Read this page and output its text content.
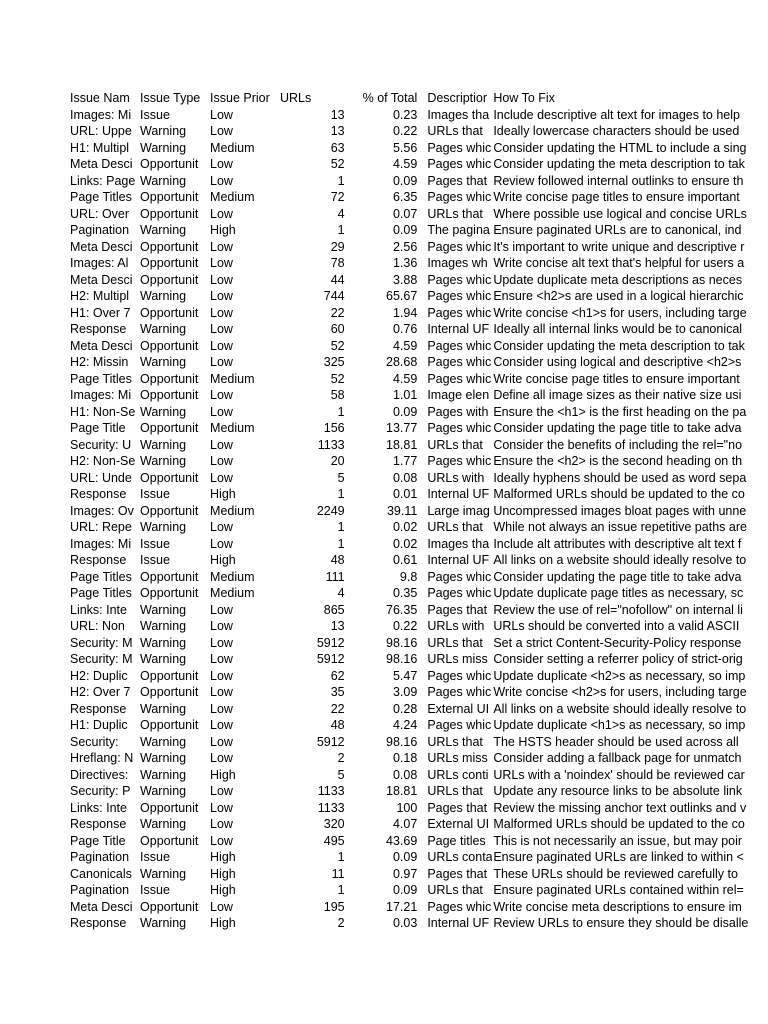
Issue Nam	Issue Type	Issue Prior	URLs	% of Total	Descriptior	How To Fix
Images: Mi	Issue	Low	13	0.23	Images tha	Include descriptive alt text for images to help
URL: Uppe	Warning	Low	13	0.22	URLs that	Ideally lowercase characters should be used
H1: Multipl	Warning	Medium	63	5.56	Pages whic	Consider updating the HTML to include a sing
Meta Desci	Opportunit	Low	52	4.59	Pages whic	Consider updating the meta description to tak
Links: Page	Warning	Low	1	0.09	Pages that	Review followed internal outlinks to ensure th
Page Titles	Opportunit	Medium	72	6.35	Pages whic	Write concise page titles to ensure important
URL: Over	Opportunit	Low	4	0.07	URLs that	Where possible use logical and concise URLs
Pagination	Warning	High	1	0.09	The pagina	Ensure paginated URLs are to canonical, ind
Meta Desci	Opportunit	Low	29	2.56	Pages whic	It's important to write unique and descriptive r
Images: Al	Opportunit	Low	78	1.36	Images wh	Write concise alt text that's helpful for users a
Meta Desci	Opportunit	Low	44	3.88	Pages whic	Update duplicate meta descriptions as neces
H2: Multipl	Warning	Low	744	65.67	Pages whic	Ensure <h2>s are used in a logical hierarchic
H1: Over 7	Opportunit	Low	22	1.94	Pages whic	Write concise <h1>s for users, including targe
Response	Warning	Low	60	0.76	Internal UF	Ideally all internal links would be to canonical
Meta Desci	Opportunit	Low	52	4.59	Pages whic	Consider updating the meta description to tak
H2: Missin	Warning	Low	325	28.68	Pages whic	Consider using logical and descriptive <h2>s
Page Titles	Opportunit	Medium	52	4.59	Pages whic	Write concise page titles to ensure important
Images: Mi	Opportunit	Low	58	1.01	Image elen	Define all image sizes as their native size usi
H1: Non-Se	Warning	Low	1	0.09	Pages with	Ensure the <h1> is the first heading on the pa
Page Title	Opportunit	Medium	156	13.77	Pages whic	Consider updating the page title to take adva
Security: U	Warning	Low	1133	18.81	URLs that	Consider the benefits of including the rel="no
H2: Non-Se	Warning	Low	20	1.77	Pages whic	Ensure the <h2> is the second heading on th
URL: Unde	Opportunit	Low	5	0.08	URLs with	Ideally hyphens should be used as word sepa
Response	Issue	High	1	0.01	Internal UF	Malformed URLs should be updated to the co
Images: Ov	Opportunit	Medium	2249	39.11	Large imag	Uncompressed images bloat pages with unne
URL: Repe	Warning	Low	1	0.02	URLs that	While not always an issue repetitive paths are
Images: Mi	Issue	Low	1	0.02	Images tha	Include alt attributes with descriptive alt text f
Response	Issue	High	48	0.61	Internal UF	All links on a website should ideally resolve to
Page Titles	Opportunit	Medium	111	9.8	Pages whic	Consider updating the page title to take adva
Page Titles	Opportunit	Medium	4	0.35	Pages whic	Update duplicate page titles as necessary, sc
Links: Inte	Warning	Low	865	76.35	Pages that	Review the use of rel="nofollow" on internal li
URL: Non	Warning	Low	13	0.22	URLs with	URLs should be converted into a valid ASCII
Security: M	Warning	Low	5912	98.16	URLs that	Set a strict Content-Security-Policy response
Security: M	Warning	Low	5912	98.16	URLs miss	Consider setting a referrer policy of strict-orig
H2: Duplic	Opportunit	Low	62	5.47	Pages whic	Update duplicate <h2>s as necessary, so imp
H2: Over 7	Opportunit	Low	35	3.09	Pages whic	Write concise <h2>s for users, including targe
Response	Warning	Low	22	0.28	External UI	All links on a website should ideally resolve to
H1: Duplic	Opportunit	Low	48	4.24	Pages whic	Update duplicate <h1>s as necessary, so imp
Security:	Warning	Low	5912	98.16	URLs that	The HSTS header should be used across all
Hreflang: N	Warning	Low	2	0.18	URLs miss	Consider adding a fallback page for unmatch
Directives:	Warning	High	5	0.08	URLs conti	URLs with a 'noindex' should be reviewed car
Security: P	Warning	Low	1133	18.81	URLs that	Update any resource links to be absolute link
Links: Inte	Opportunit	Low	1133	100	Pages that	Review the missing anchor text outlinks and v
Response	Warning	Low	320	4.07	External UI	Malformed URLs should be updated to the co
Page Title	Opportunit	Low	495	43.69	Page titles	This is not necessarily an issue, but may poir
Pagination	Issue	High	1	0.09	URLs conta	Ensure paginated URLs are linked to within <
Canonicals	Warning	High	11	0.97	Pages that	These URLs should be reviewed carefully to
Pagination	Issue	High	1	0.09	URLs that	Ensure paginated URLs contained within rel=
Meta Desci	Opportunit	Low	195	17.21	Pages whic	Write concise meta descriptions to ensure im
Response	Warning	High	2	0.03	Internal UF	Review URLs to ensure they should be disalle
